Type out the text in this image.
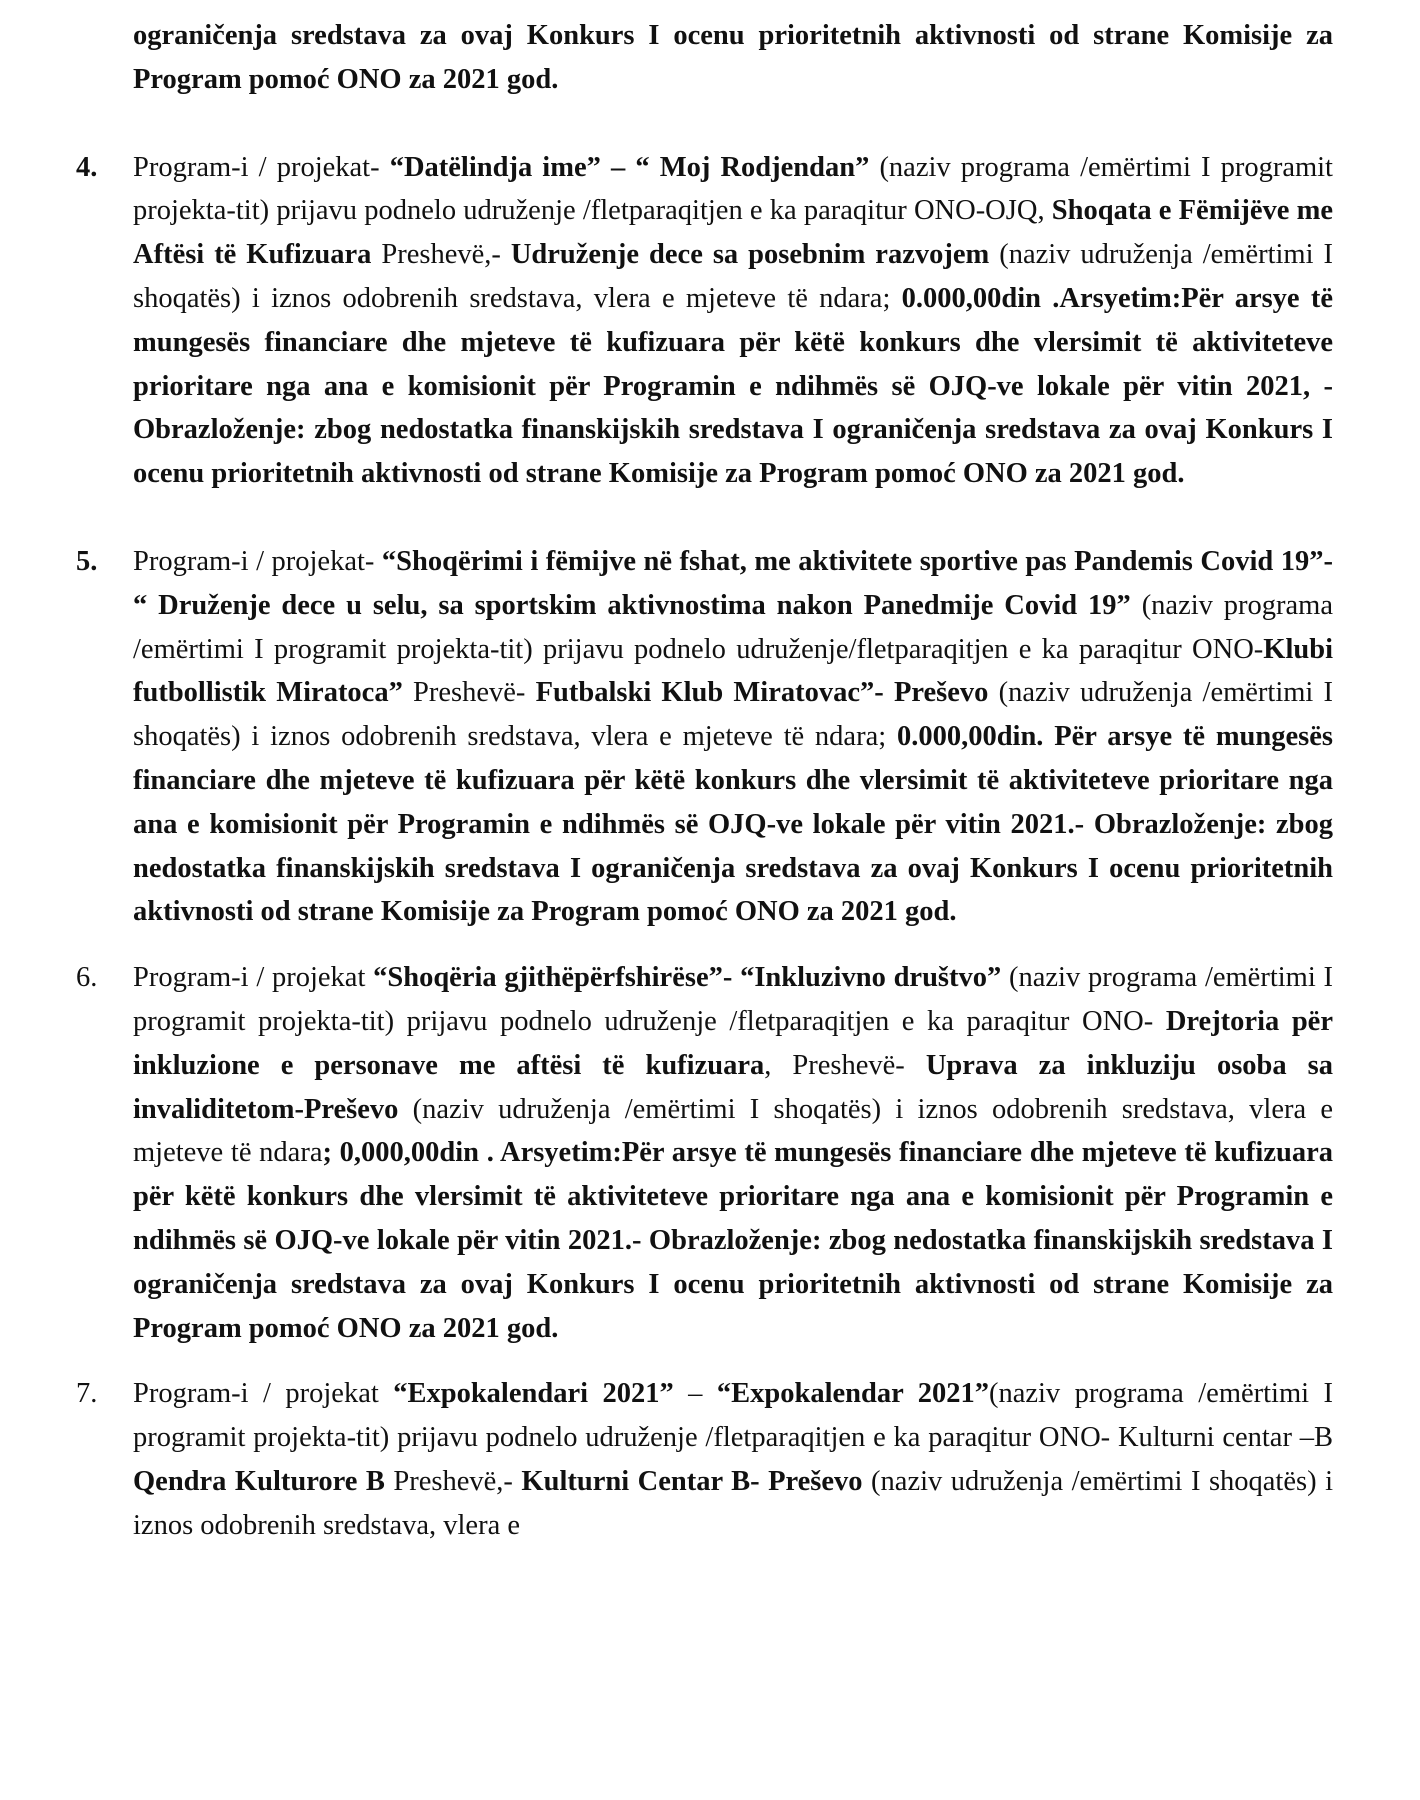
ograničenja sredstava za ovaj Konkurs I ocenu prioritetnih aktivnosti od strane Komisije za Program pomoć ONO za 2021 god.

4. Program-i / projekat- “Datëlindja ime” – “ Moj Rodjendan” (naziv programa /emërtimi I programit projekta-tit) prijavu podnelo udruženje /fletparaqitjen e ka paraqitur ONO-OJQ, Shoqata e Fëmijëve me Aftësi të Kufizuara Preshevë,- Udruženje dece sa posebnim razvojem (naziv udruženja /emërtimi I shoqatës) i iznos odobrenih sredstava, vlera e mjeteve të ndara; 0.000,00din .Arsyetim:Për arsye të mungesës financiare dhe mjeteve të kufizuara për këtë konkurs dhe vlersimit të aktiviteteve prioritare nga ana e komisionit për Programin e ndihmës së OJQ-ve lokale për vitin 2021, - Obrazloženje: zbog nedostatka finanskijskih sredstava I ograničenja sredstava za ovaj Konkurs I ocenu prioritetnih aktivnosti od strane Komisije za Program pomoć ONO za 2021 god.

5. Program-i / projekat- “Shoqërimi i fëmijve në fshat, me aktivitete sportive pas Pandemis Covid 19”- “ Druženje dece u selu, sa sportskim aktivnostima nakon Panedmije Covid 19” (naziv programa /emërtimi I programit projekta-tit) prijavu podnelo udruženje/fletparaqitjen e ka paraqitur ONO-Klubi futbollistik Miratoca” Preshevë- Futbalski Klub Miratovac”- Preševo (naziv udruženja /emërtimi I shoqatës) i iznos odobrenih sredstava, vlera e mjeteve të ndara; 0.000,00din. Për arsye të mungesës financiare dhe mjeteve të kufizuara për këtë konkurs dhe vlersimit të aktiviteteve prioritare nga ana e komisionit për Programin e ndihmës së OJQ-ve lokale për vitin 2021.- Obrazloženje: zbog nedostatka finanskijskih sredstava I ograničenja sredstava za ovaj Konkurs I ocenu prioritetnih aktivnosti od strane Komisije za Program pomoć ONO za 2021 god.

6. Program-i / projekat “Shoqëria gjithëpërfshirëse”- “Inkluzivno društvo” (naziv programa /emërtimi I programit projekta-tit) prijavu podnelo udruženje /fletparaqitjen e ka paraqitur ONO- Drejtoria për inkluzione e personave me aftësi të kufizuara, Preshevë- Uprava za inkluziju osoba sa invaliditetom-Preševo (naziv udruženja /emërtimi I shoqatës) i iznos odobrenih sredstava, vlera e mjeteve të ndara; 0,000,00din . Arsyetim:Për arsye të mungesës financiare dhe mjeteve të kufizuara për këtë konkurs dhe vlersimit të aktiviteteve prioritare nga ana e komisionit për Programin e ndihmës së OJQ-ve lokale për vitin 2021.- Obrazloženje: zbog nedostatka finanskijskih sredstava I ograničenja sredstava za ovaj Konkurs I ocenu prioritetnih aktivnosti od strane Komisije za Program pomoć ONO za 2021 god.

7. Program-i / projekat “Expokalendari 2021” – “Expokalendar 2021”(naziv programa /emërtimi I programit projekta-tit) prijavu podnelo udruženje /fletparaqitjen e ka paraqitur ONO- Kulturni centar –B Qendra Kulturore B Preshevë,- Kulturni Centar B- Preševo (naziv udruženja /emërtimi I shoqatës) i iznos odobrenih sredstava, vlera e
